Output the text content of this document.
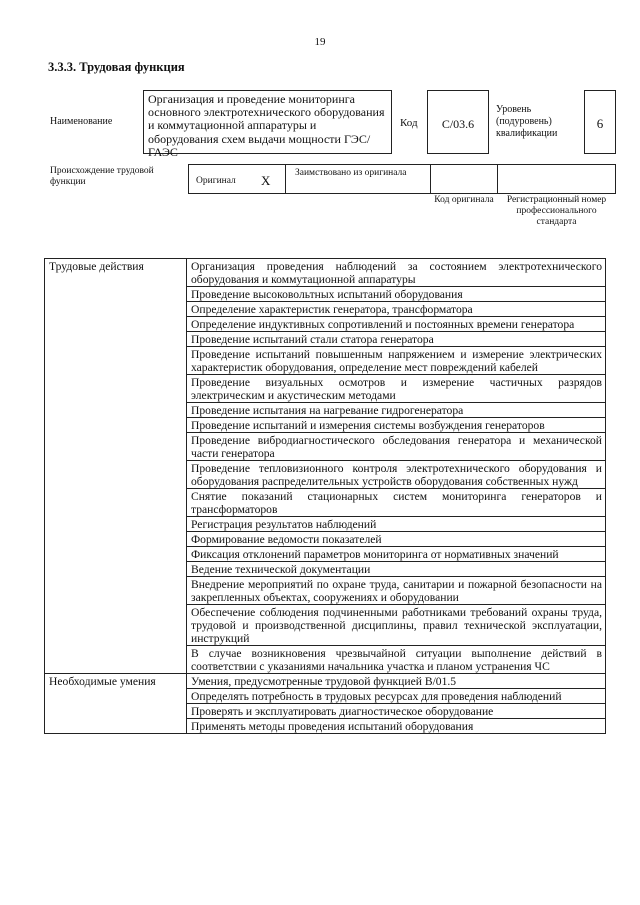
19
3.3.3. Трудовая функция
Наименование
Организация и проведение мониторинга основного электротехнического оборудования и коммутационной аппаратуры и оборудования схем выдачи мощности ГЭС/ГАЭС
Код	С/03.6
Уровень (подуровень) квалификации
6
Происхождение трудовой функции	Оригинал X	Заимствовано из оригинала
Код оригинала	Регистрационный номер профессионального стандарта
Трудовые действия	Организация проведения наблюдений за состоянием электротехнического оборудования и коммутационной аппаратуры
	Проведение высоковольтных испытаний оборудования
	Определение характеристик генератора, трансформатора
	Определение индуктивных сопротивлений и постоянных времени генератора
	Проведение испытаний стали статора генератора
	Проведение испытаний повышенным напряжением и измерение электрических характеристик оборудования, определение мест повреждений кабелей
	Проведение визуальных осмотров и измерение частичных разрядов электрическим и акустическим методами
	Проведение испытания на нагревание гидрогенератора
	Проведение испытаний и измерения системы возбуждения генераторов
	Проведение вибродиагностического обследования генератора и механической части генератора
	Проведение тепловизионного контроля электротехнического оборудования и оборудования распределительных устройств оборудования собственных нужд
	Снятие показаний стационарных систем мониторинга генераторов и трансформаторов
	Регистрация результатов наблюдений
	Формирование ведомости показателей
	Фиксация отклонений параметров мониторинга от нормативных значений
	Ведение технической документации
	Внедрение мероприятий по охране труда, санитарии и пожарной безопасности на закрепленных объектах, сооружениях и оборудовании
	Обеспечение соблюдения подчиненными работниками требований охраны труда, трудовой и производственной дисциплины, правил технической эксплуатации, инструкций
	В случае возникновения чрезвычайной ситуации выполнение действий в соответствии с указаниями начальника участка и планом устранения ЧС
Необходимые умения	Умения, предусмотренные трудовой функцией В/01.5
	Определять потребность в трудовых ресурсах для проведения наблюдений
	Проверять и эксплуатировать диагностическое оборудование
	Применять методы проведения испытаний оборудования
